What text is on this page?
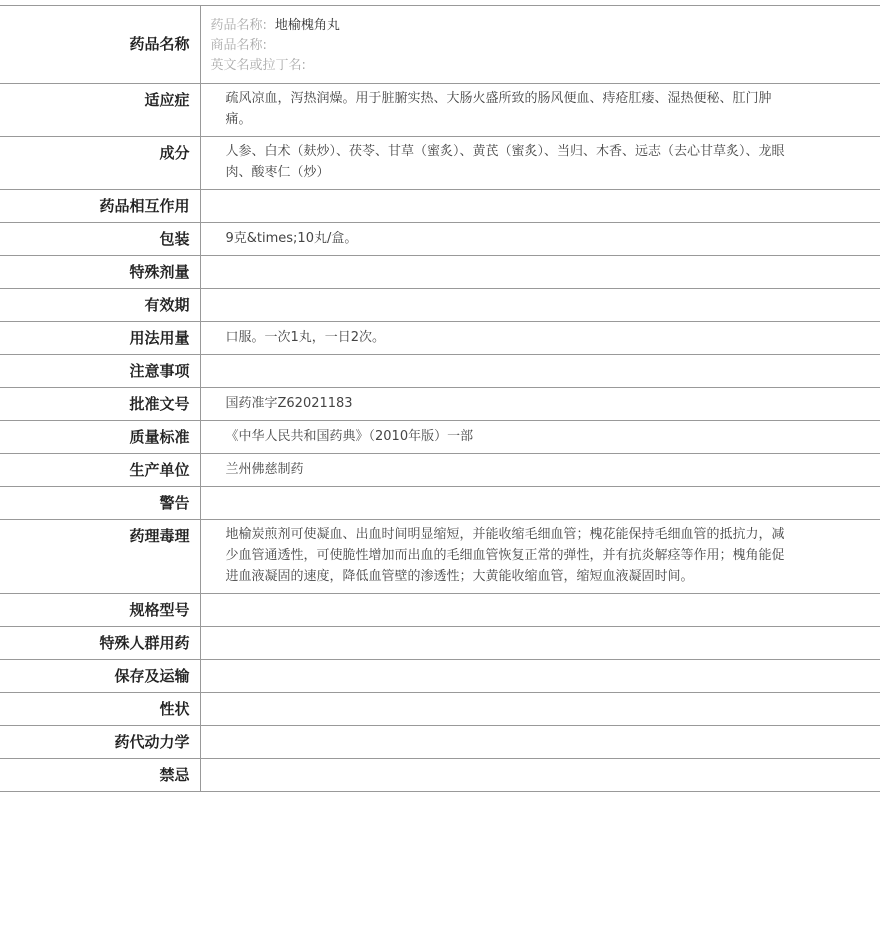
药品名称	药品名称: 地榆槐角丸
商品名称:
英文名或拉丁名:

适应症	疏风凉血，泻热润燥。用于脏腑实热、大肠火盛所致的肠风便血、痔疮肛瘘、湿热便秘、肛门肿痛。
成分	人参、白术（麸炒）、茯苓、甘草（蜜炙）、黄芪（蜜炙）、当归、木香、远志（去心甘草炙）、龙眼肉、酸枣仁（炒）
药品相互作用	
包装	9克&times;10丸/盒。
特殊剂量	
有效期	
用法用量	口服。一次1丸，一日2次。
注意事项	
批准文号	国药准字Z62021183
质量标准	《中华人民共和国药典》（2010年版）一部
生产单位	兰州佛慈制药
警告	
药理毒理	地榆炭煎剂可使凝血、出血时间明显缩短，并能收缩毛细血管；槐花能保持毛细血管的抵抗力，减少血管通透性，可使脆性增加而出血的毛细血管恢复正常的弹性，并有抗炎解痉等作用；槐角能促进血液凝固的速度，降低血管壁的渗透性；大黄能收缩血管，缩短血液凝固时间。
规格型号	
特殊人群用药	
保存及运输	
性状	
药代动力学	
禁忌	
